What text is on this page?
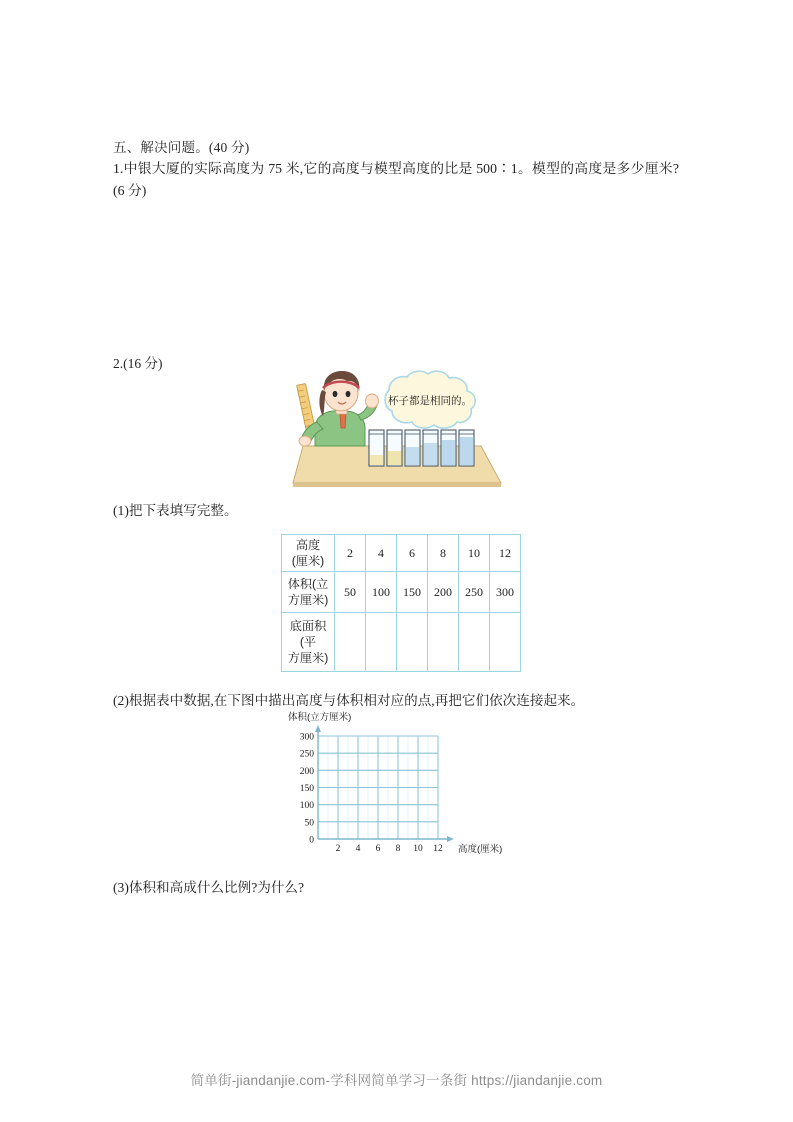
五、解决问题。(40 分)
1.中银大厦的实际高度为 75 米,它的高度与模型高度的比是 500∶1。模型的高度是多少厘米?(6 分)
2.(16 分)
杯子都是相同的。
(1)把下表填写完整。
高度
(厘米)	2	4	6	8	10	12

体积(立
方厘米)	50	100	150	200	250	300

底面积
(平
方厘米)						

(2)根据表中数据,在下图中描出高度与体积相对应的点,再把它们依次连接起来。
体积(立方厘米)
300
250
200
150
100
50
0
2 4 6 8 10 12 高度(厘米)
(3)体积和高成什么比例?为什么?
简单街-jiandanjie.com-学科网简单学习一条街 https://jiandanjie.com
